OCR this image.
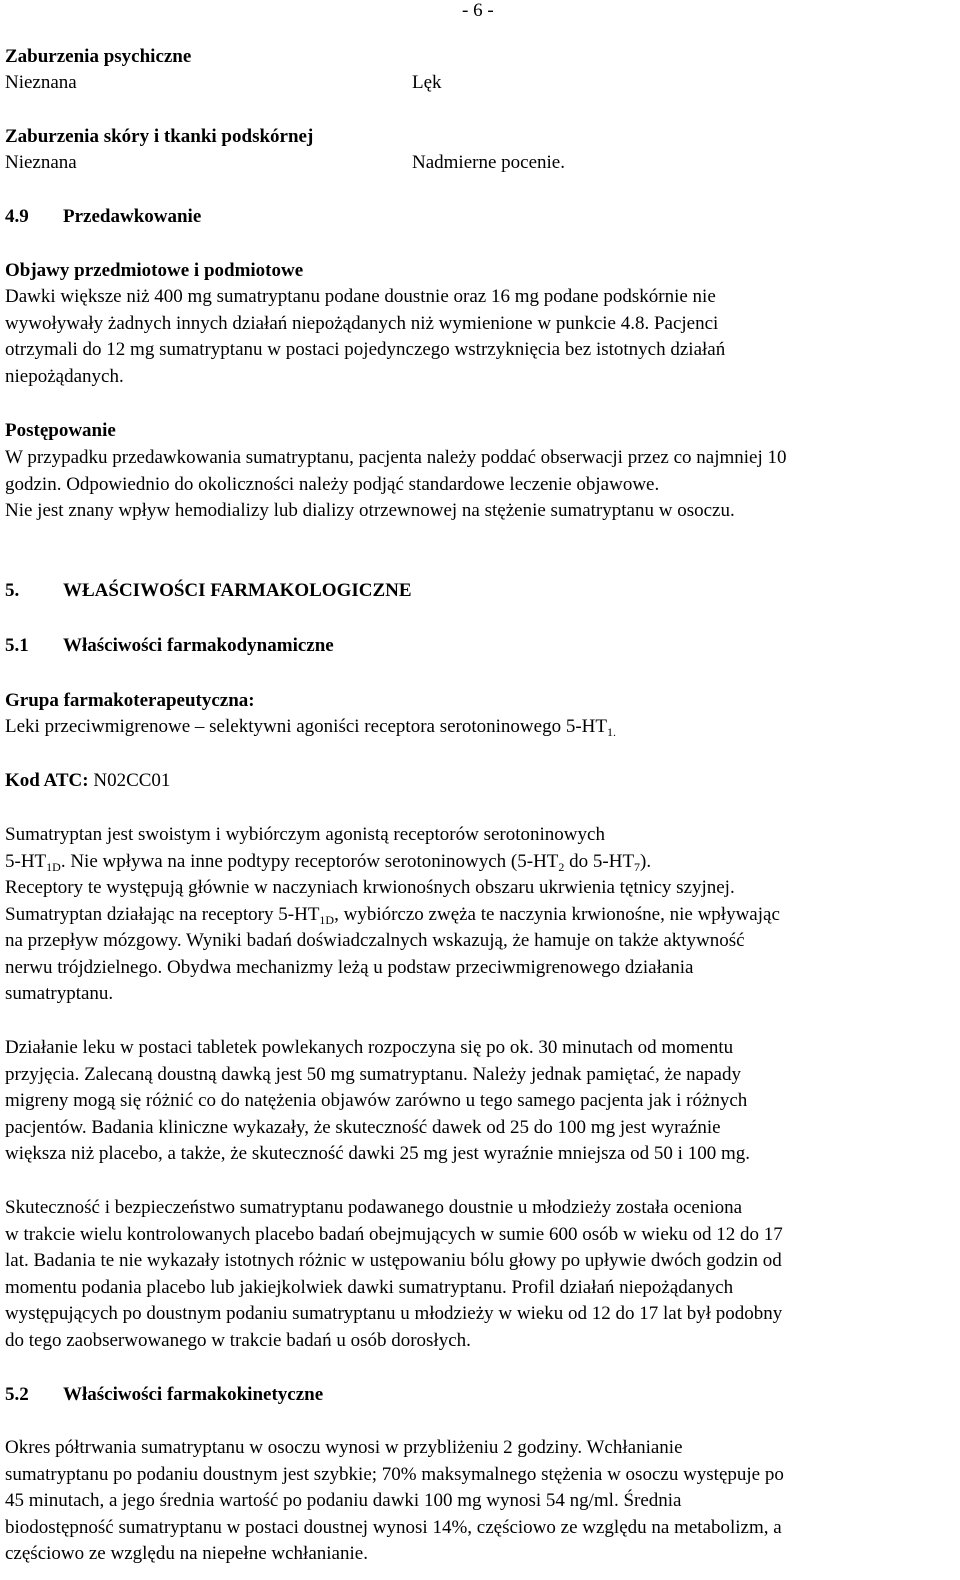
- 6 -
Zaburzenia psychiczne
Nieznana	Lęk
Zaburzenia skóry i tkanki podskórnej
Nieznana	Nadmierne pocenie.
4.9 Przedawkowanie
Objawy przedmiotowe i podmiotowe
Dawki większe niż 400 mg sumatryptanu podane doustnie oraz 16 mg podane podskórnie nie
wywoływały żadnych innych działań niepożądanych niż wymienione w punkcie 4.8. Pacjenci
otrzymali do 12 mg sumatryptanu w postaci pojedynczego wstrzyknięcia bez istotnych działań
niepożądanych.
Postępowanie
W przypadku przedawkowania sumatryptanu, pacjenta należy poddać obserwacji przez co najmniej 10
godzin. Odpowiednio do okoliczności należy podjąć standardowe leczenie objawowe.
Nie jest znany wpływ hemodializy lub dializy otrzewnowej na stężenie sumatryptanu w osoczu.
5. WŁAŚCIWOŚCI FARMAKOLOGICZNE
5.1 Właściwości farmakodynamiczne
Grupa farmakoterapeutyczna:
Leki przeciwmigrenowe – selektywni agoniści receptora serotoninowego $5-HT_{1.}$
Kod ATC: N02CC01
Sumatryptan jest swoistym i wybiórczym agonistą receptorów serotoninowych
$5-HT_{1D}$. Nie wpływa na inne podtypy receptorów serotoninowych ($5-HT_2$ do $5-HT_7$).
Receptory te występują głównie w naczyniach krwionośnych obszaru ukrwienia tętnicy szyjnej.
Sumatryptan działając na receptory $5-HT_{1D}$, wybiórczo zwęża te naczynia krwionośne, nie wpływając
na przepływ mózgowy. Wyniki badań doświadczalnych wskazują, że hamuje on także aktywność
nerwu trójdzielnego. Obydwa mechanizmy leżą u podstaw przeciwmigrenowego działania
sumatryptanu.
Działanie leku w postaci tabletek powlekanych rozpoczyna się po ok. 30 minutach od momentu
przyjęcia. Zalecaną doustną dawką jest 50 mg sumatryptanu. Należy jednak pamiętać, że napady
migreny mogą się różnić co do natężenia objawów zarówno u tego samego pacjenta jak i różnych
pacjentów. Badania kliniczne wykazały, że skuteczność dawek od 25 do 100 mg jest wyraźnie
większa niż placebo, a także, że skuteczność dawki 25 mg jest wyraźnie mniejsza od 50 i 100 mg.
Skuteczność i bezpieczeństwo sumatryptanu podawanego doustnie u młodzieży została oceniona
w trakcie wielu kontrolowanych placebo badań obejmujących w sumie 600 osób w wieku od 12 do 17
lat. Badania te nie wykazały istotnych różnic w ustępowaniu bólu głowy po upływie dwóch godzin od
momentu podania placebo lub jakiejkolwiek dawki sumatryptanu. Profil działań niepożądanych
występujących po doustnym podaniu sumatryptanu u młodzieży w wieku od 12 do 17 lat był podobny
do tego zaobserwowanego w trakcie badań u osób dorosłych.
5.2 Właściwości farmakokinetyczne
Okres półtrwania sumatryptanu w osoczu wynosi w przybliżeniu 2 godziny. Wchłanianie
sumatryptanu po podaniu doustnym jest szybkie; 70% maksymalnego stężenia w osoczu występuje po
45 minutach, a jego średnia wartość po podaniu dawki 100 mg wynosi 54 ng/ml. Średnia
biodostępność sumatryptanu w postaci doustnej wynosi 14%, częściowo ze względu na metabolizm, a
częściowo ze względu na niepełne wchłanianie.
